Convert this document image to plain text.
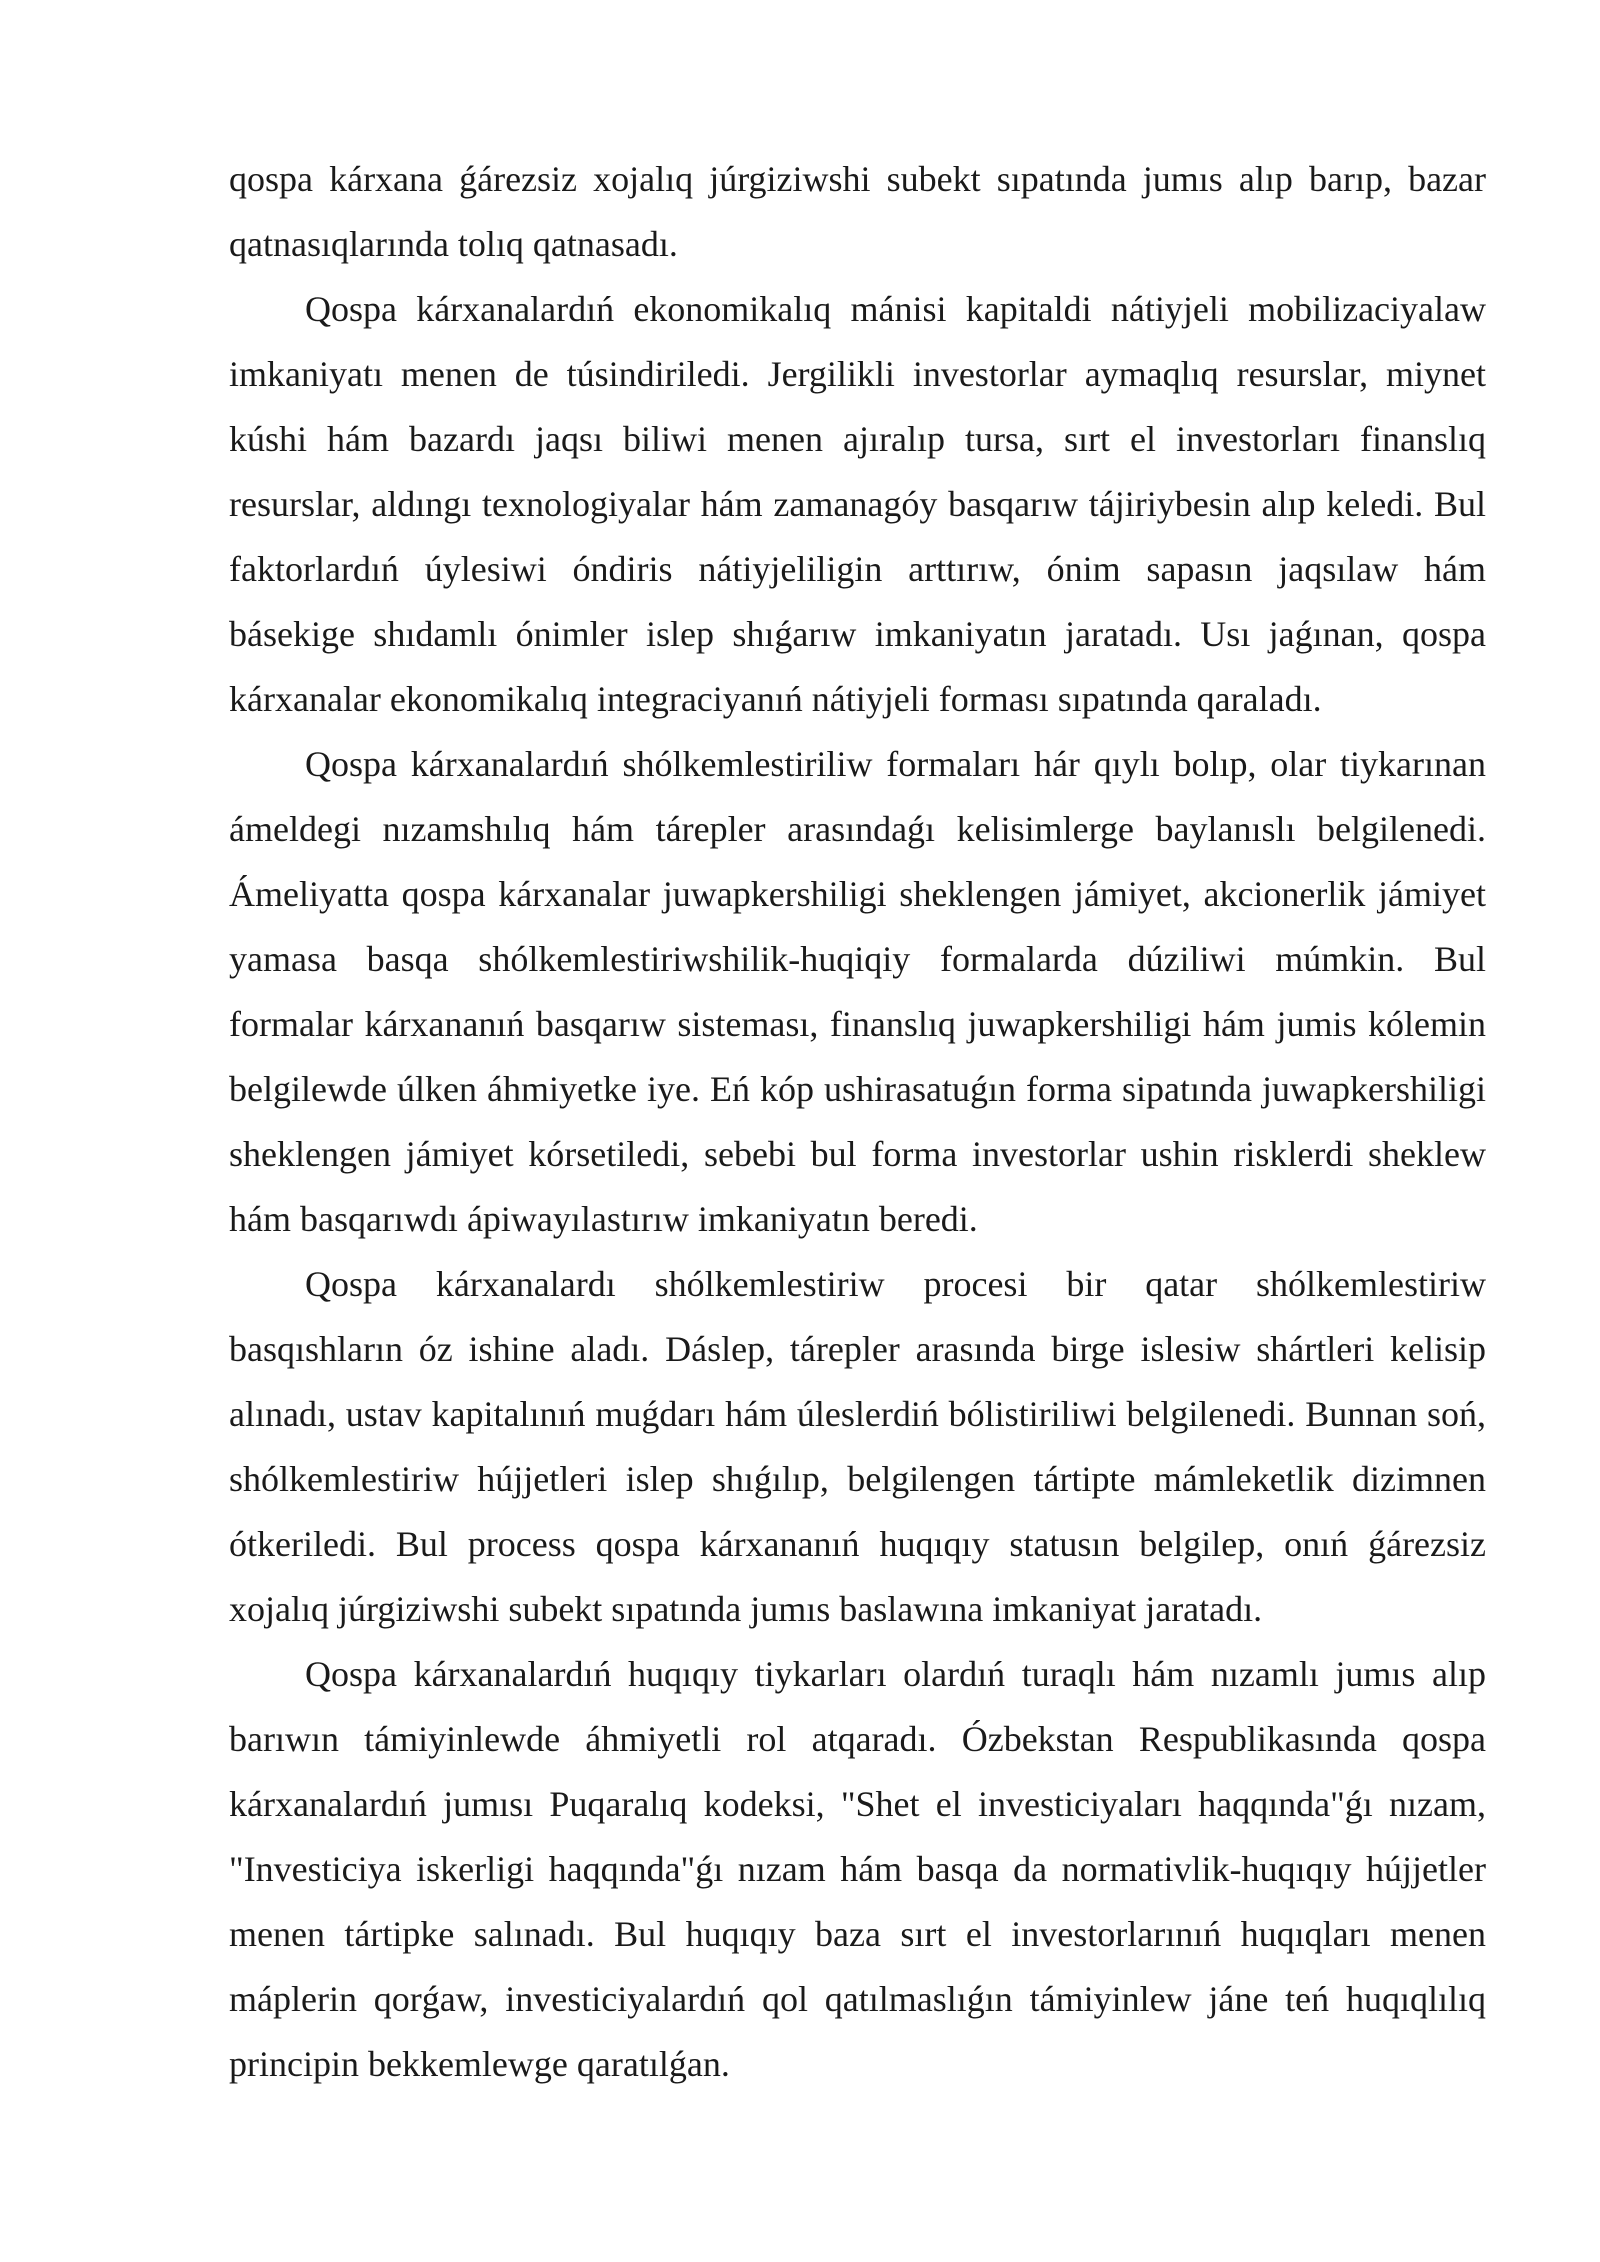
qospa kárxana ǵárezsiz xojalıq júrgiziwshi subekt sıpatında jumıs alıp barıp, bazar qatnasıqlarında tolıq qatnasadı.

Qospa kárxanalardıń ekonomikalıq mánisi kapitaldi nátiyjeli mobilizaciyalaw imkaniyatı menen de túsindiriledi. Jergilikli investorlar aymaqlıq resurslar, miynet kúshi hám bazardı jaqsı biliwi menen ajıralıp tursa, sırt el investorları finanslıq resurslar, aldıngı texnologiyalar hám zamanagóy basqarıw tájiriybesin alıp keledi. Bul faktorlardıń úylesiwi óndiris nátiyjeliligin arttırıw, ónim sapasın jaqsılaw hám básekige shıdamlı ónimler islep shıǵarıw imkaniyatın jaratadı. Usı jaǵınan, qospa kárxanalar ekonomikalıq integraciyanıń nátiyjeli forması sıpatında qaraladı.

Qospa kárxanalardıń shólkemlestiriliw formaları hár qıylı bolıp, olar tiykarınan ámeldegi nızamshılıq hám tárepler arasındaǵı kelisimlerge baylanıslı belgilenedi. Ámeliyatta qospa kárxanalar juwapkershiligi sheklengen jámiyet, akcionerlik jámiyet yamasa basqa shólkemlestiriwshilik-huqiqiy formalarda dúziliwi múmkin. Bul formalar kárxananıń basqarıw sisteması, finanslıq juwapkershiligi hám jumis kólemin belgilewde úlken áhmiyetke iye. Eń kóp ushirasatuǵın forma sipatında juwapkershiligi sheklengen jámiyet kórsetiledi, sebebi bul forma investorlar ushin risklerdi sheklew hám basqarıwdı ápiwayılastırıw imkaniyatın beredi.

Qospa kárxanalardı shólkemlestiriw procesi bir qatar shólkemlestiriw basqıshların óz ishine aladı. Dáslep, tárepler arasında birge islesiw shártleri kelisip alınadı, ustav kapitalınıń muǵdarı hám úleslerdiń bólistiriliwi belgilenedi. Bunnan soń, shólkemlestiriw hújjetleri islep shıǵılıp, belgilengen tártipte mámleketlik dizimnen ótkeriledi. Bul process qospa kárxananıń huqıqıy statusın belgilep, onıń ǵárezsiz xojalıq júrgiziwshi subekt sıpatında jumıs baslawına imkaniyat jaratadı.

Qospa kárxanalardıń huqıqıy tiykarları olardıń turaqlı hám nızamlı jumıs alıp barıwın támiyinlewde áhmiyetli rol atqaradı. Ózbekstan Respublikasında qospa kárxanalardıń jumısı Puqaralıq kodeksi, "Shet el investiciyaları haqqında"ǵı nızam, "Investiciya iskerligi haqqında"ǵı nızam hám basqa da normativlik-huqıqıy hújjetler menen tártipke salınadı. Bul huqıqıy baza sırt el investorlarınıń huqıqları menen máplerin qorǵaw, investiciyalardıń qol qatılmaslıǵın támiyinlew jáne teń huqıqlılıq principin bekkemlewge qaratılǵan.
